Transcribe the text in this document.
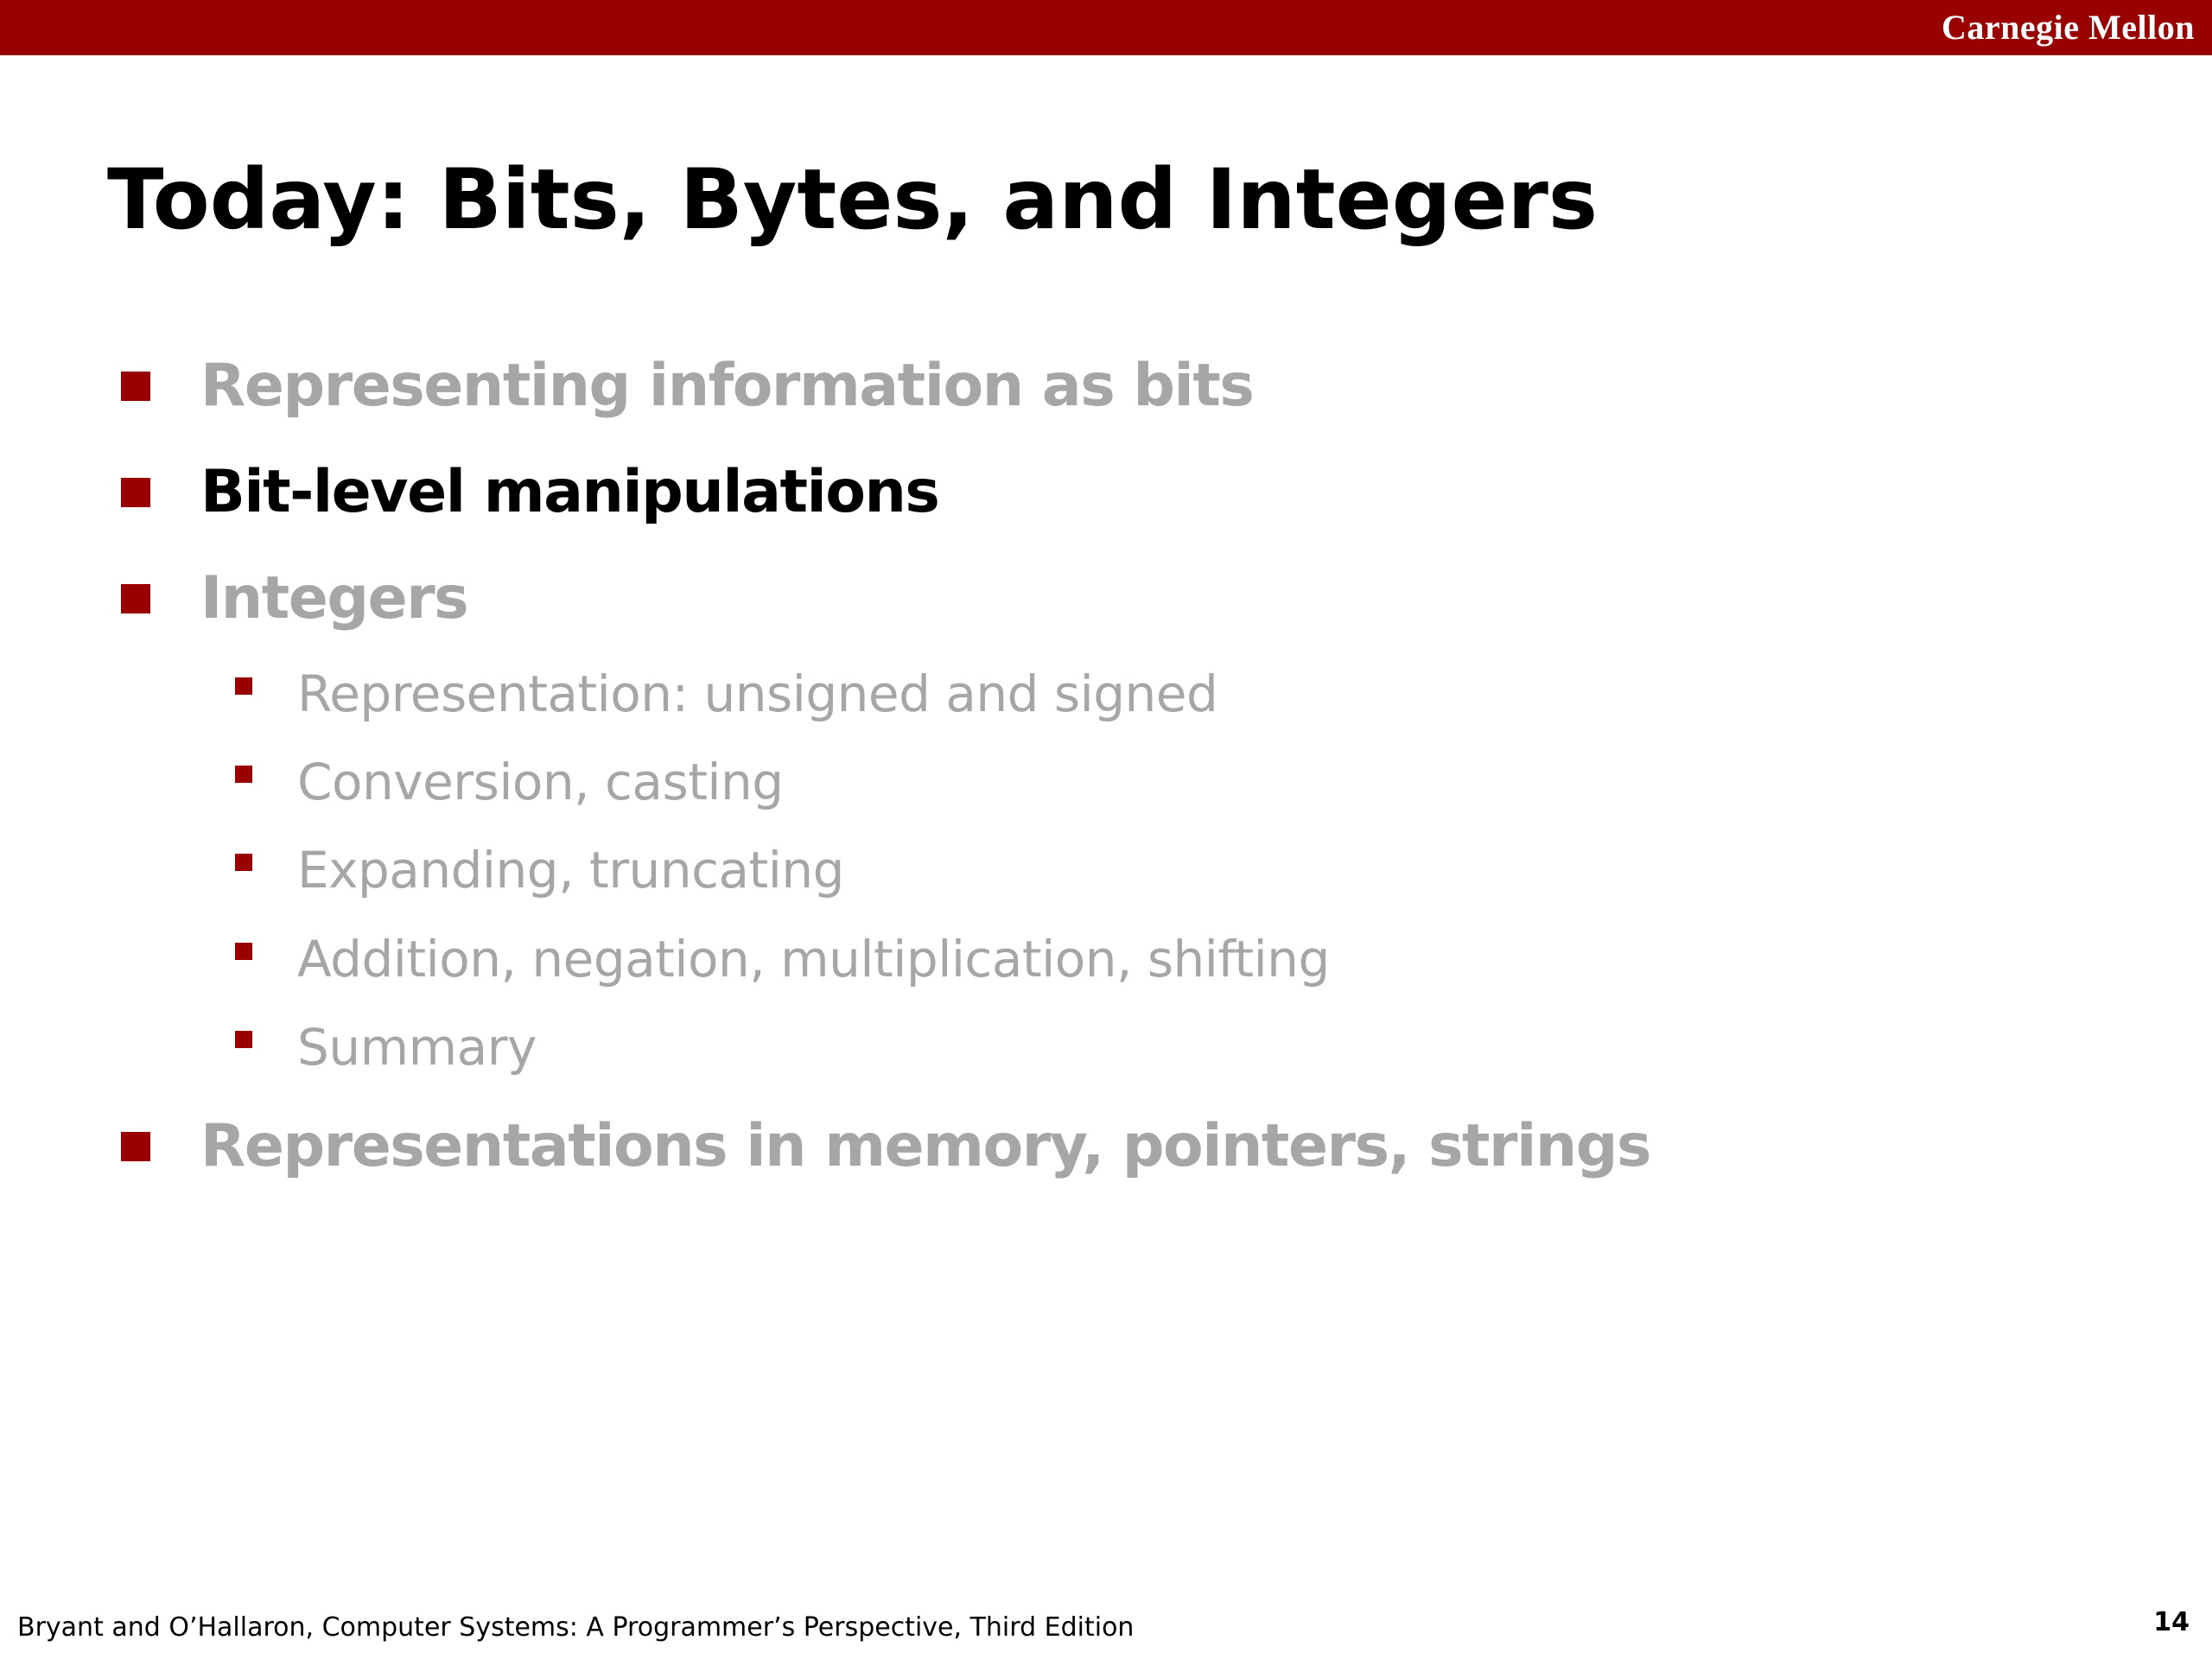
Carnegie Mellon
Today: Bits, Bytes, and Integers
Representing information as bits
Bit-level manipulations
Integers
Representation: unsigned and signed
Conversion, casting
Expanding, truncating
Addition, negation, multiplication, shifting
Summary
Representations in memory, pointers, strings
Bryant and O’Hallaron, Computer Systems: A Programmer’s Perspective, Third Edition	14
